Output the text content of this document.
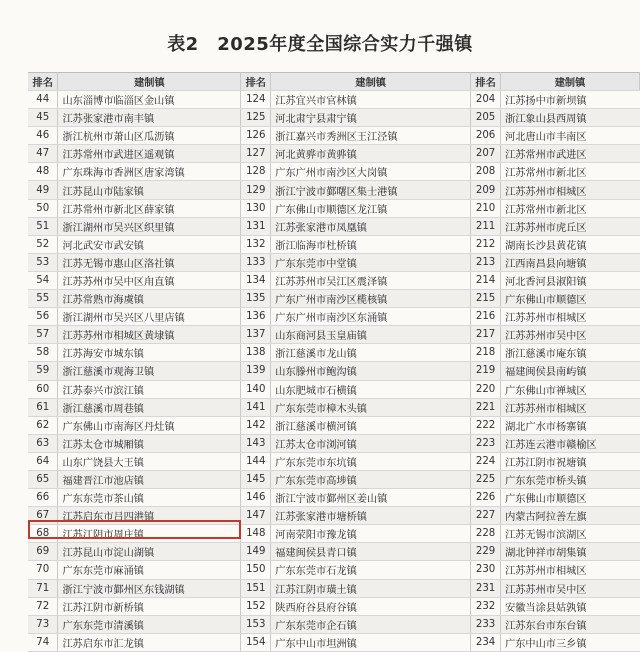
表2　2025年度全国综合实力千强镇
排名	建制镇	排名	建制镇	排名	建制镇
44	山东淄博市临淄区金山镇	124	江苏宜兴市官林镇	204	江苏扬中市新坝镇
45	江苏张家港市南丰镇	125	河北肃宁县肃宁镇	205	浙江象山县西周镇
46	浙江杭州市萧山区瓜沥镇	126	浙江嘉兴市秀洲区王江泾镇	206	河北唐山市丰南区
47	江苏常州市武进区遥观镇	127	河北黄骅市黄骅镇	207	江苏常州市武进区
48	广东珠海市香洲区唐家湾镇	128	广东广州市南沙区大岗镇	208	江苏常州市新北区
49	江苏昆山市陆家镇	129	浙江宁波市鄞曙区集士港镇	209	江苏苏州市相城区
50	江苏常州市新北区薛家镇	130	广东佛山市顺德区龙江镇	210	江苏常州市新北区
51	浙江湖州市吴兴区织里镇	131	江苏张家港市凤凰镇	211	江苏苏州市虎丘区
52	河北武安市武安镇	132	浙江临海市杜桥镇	212	湖南长沙县黄花镇
53	江苏无锡市惠山区洛社镇	133	广东东莞市中堂镇	213	江西南昌县向塘镇
54	江苏苏州市吴中区甪直镇	134	江苏苏州市吴江区震泽镇	214	河北香河县淑阳镇
55	江苏常熟市海虞镇	135	广东广州市南沙区榄核镇	215	广东佛山市顺德区
56	浙江湖州市吴兴区八里店镇	136	广东广州市南沙区东涌镇	216	江苏苏州市相城区
57	江苏苏州市相城区黄埭镇	137	山东商河县玉皇庙镇	217	江苏苏州市吴中区
58	江苏海安市城东镇	138	浙江慈溪市龙山镇	218	浙江慈溪市庵东镇
59	浙江慈溪市观海卫镇	139	山东滕州市鲍沟镇	219	福建闽侯县南屿镇
60	江苏泰兴市滨江镇	140	山东肥城市石横镇	220	广东佛山市禅城区
61	浙江慈溪市周巷镇	141	广东东莞市樟木头镇	221	江苏苏州市相城区
62	广东佛山市南海区丹灶镇	142	浙江慈溪市横河镇	222	湖北广水市杨寨镇
63	江苏太仓市城厢镇	143	江苏太仓市浏河镇	223	江苏连云港市赣榆区
64	山东广饶县大王镇	144	广东东莞市东坑镇	224	江苏江阴市祝塘镇
65	福建晋江市池店镇	145	广东东莞市高埗镇	225	广东东莞市桥头镇
66	广东东莞市茶山镇	146	浙江宁波市鄞州区姜山镇	226	广东佛山市顺德区
67	江苏启东市吕四港镇	147	江苏张家港市塘桥镇	227	内蒙古阿拉善左旗
68	江苏江阴市周庄镇	148	河南荥阳市豫龙镇	228	江苏无锡市滨湖区
69	江苏昆山市淀山湖镇	149	福建闽侯县青口镇	229	湖北钟祥市胡集镇
70	广东东莞市麻涌镇	150	广东东莞市石龙镇	230	江苏苏州市相城区
71	浙江宁波市鄞州区东钱湖镇	151	江苏江阴市璜土镇	231	江苏苏州市吴中区
72	江苏江阴市新桥镇	152	陕西府谷县府谷镇	232	安徽当涂县姑孰镇
73	广东东莞市清溪镇	153	广东东莞市企石镇	233	江苏东台市东台镇
74	江苏启东市汇龙镇	154	广东中山市坦洲镇	234	广东中山市三乡镇
